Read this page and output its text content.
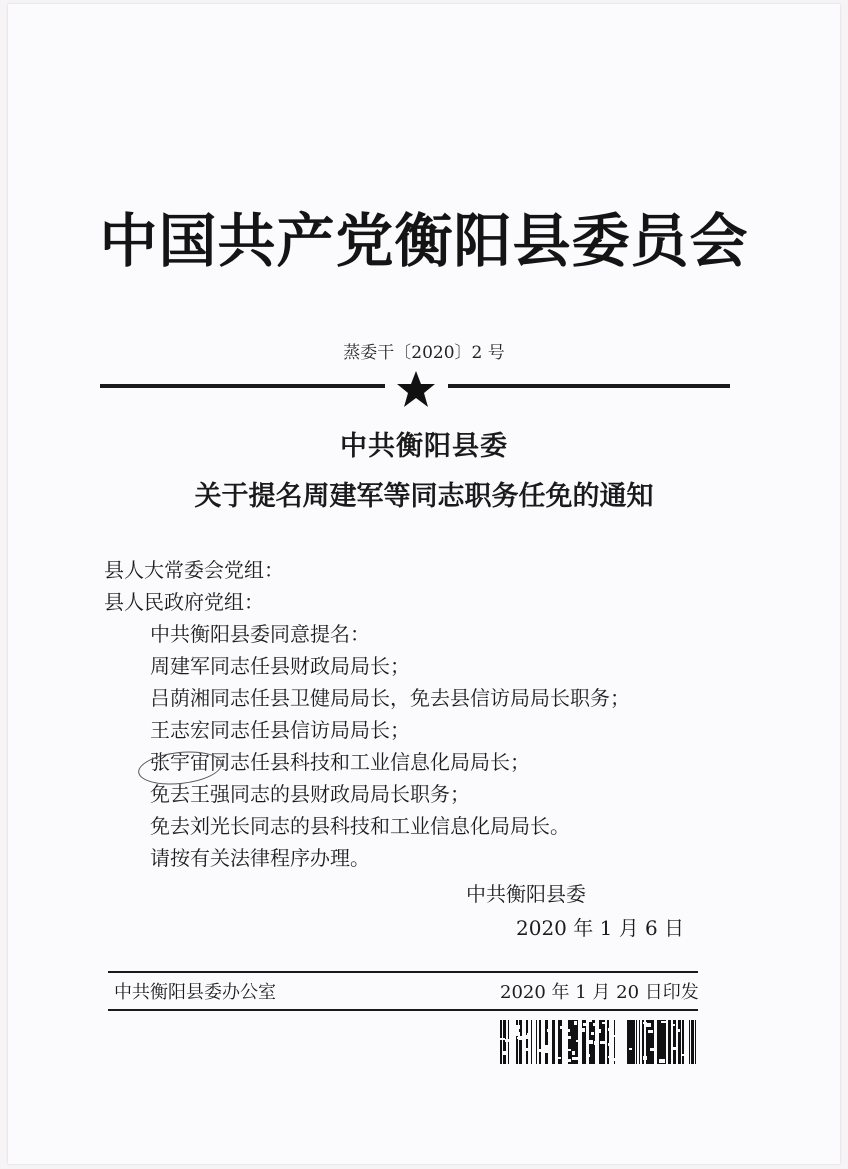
中国共产党衡阳县委员会
蒸委干〔2020〕2 号
中共衡阳县委
关于提名周建军等同志职务任免的通知
县人大常委会党组：
县人民政府党组：
中共衡阳县委同意提名：
周建军同志任县财政局局长；
吕荫湘同志任县卫健局局长，免去县信访局局长职务；
王志宏同志任县信访局局长；
张宇宙同志任县科技和工业信息化局局长；
免去王强同志的县财政局局长职务；
免去刘光长同志的县科技和工业信息化局局长。
请按有关法律程序办理。
中共衡阳县委
2020 年 1 月 6 日
中共衡阳县委办公室	2020 年 1 月 20 日印发
